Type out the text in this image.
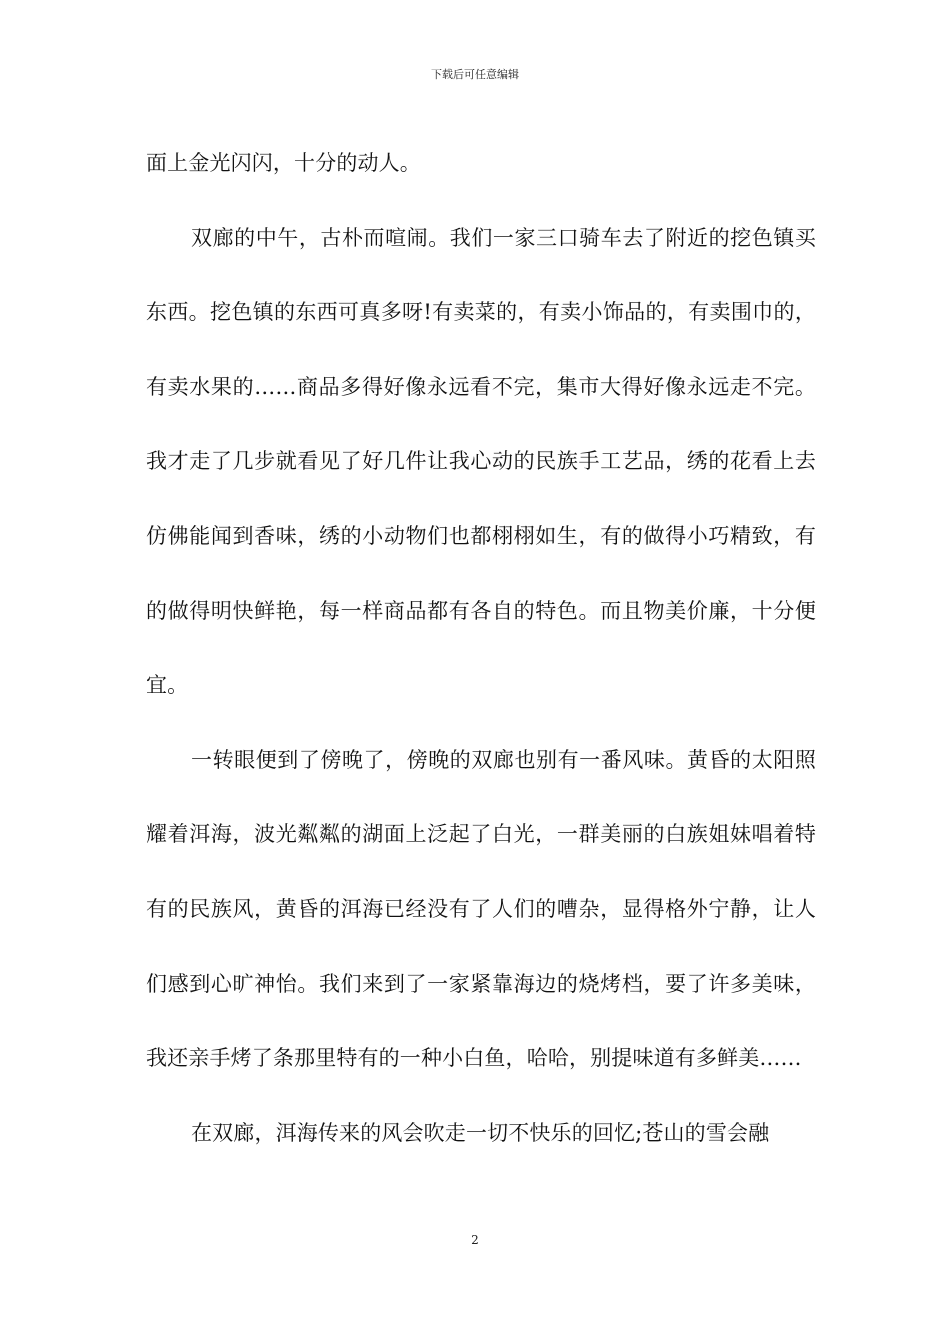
下载后可任意编辑

面上金光闪闪，十分的动人。

双廊的中午，古朴而喧闹。我们一家三口骑车去了附近的挖色镇买东西。挖色镇的东西可真多呀!有卖菜的，有卖小饰品的，有卖围巾的，有卖水果的……商品多得好像永远看不完，集市大得好像永远走不完。我才走了几步就看见了好几件让我心动的民族手工艺品，绣的花看上去仿佛能闻到香味，绣的小动物们也都栩栩如生，有的做得小巧精致，有的做得明快鲜艳，每一样商品都有各自的特色。而且物美价廉，十分便宜。

一转眼便到了傍晚了，傍晚的双廊也别有一番风味。黄昏的太阳照耀着洱海，波光粼粼的湖面上泛起了白光，一群美丽的白族姐妹唱着特有的民族风，黄昏的洱海已经没有了人们的嘈杂，显得格外宁静，让人们感到心旷神怡。我们来到了一家紧靠海边的烧烤档，要了许多美味，我还亲手烤了条那里特有的一种小白鱼，哈哈，别提味道有多鲜美……

在双廊，洱海传来的风会吹走一切不快乐的回忆;苍山的雪会融

2
